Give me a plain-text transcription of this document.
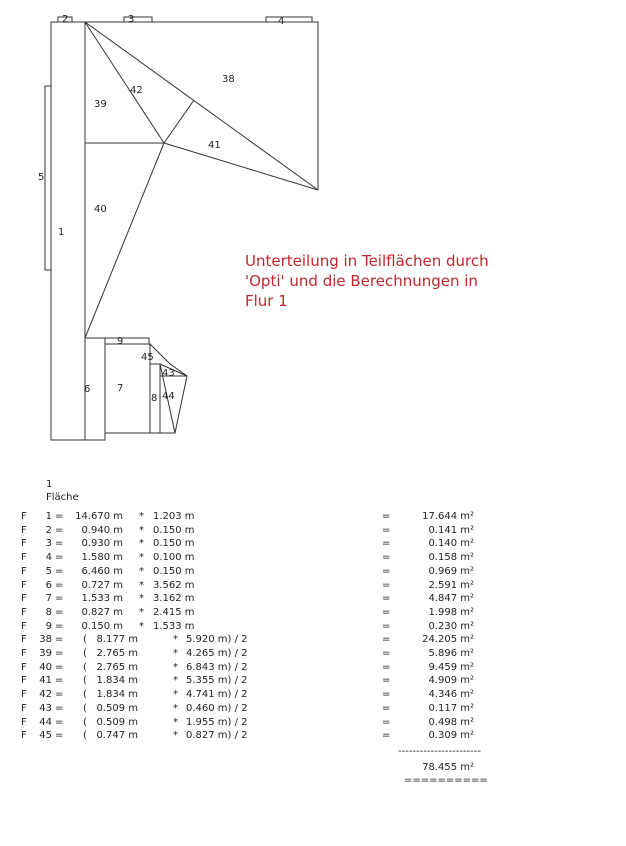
1
2	3	4
5
6	7
8
9
38
39
40
41
42
43
44
45

Unterteilung in Teilflächen durch
'Opti' und die Berechnungen in
Flur 1

1
Fläche
F	1 =	14.670 m * 1.203 m	=	17.644 m²
F	2 =	0.940 m * 0.150 m	=	0.141 m²
F	3 =	0.930 m * 0.150 m	=	0.140 m²
F	4 =	1.580 m * 0.100 m	=	0.158 m²
F	5 =	6.460 m * 0.150 m	=	0.969 m²
F	6 =	0.727 m * 3.562 m	=	2.591 m²
F	7 =	1.533 m * 3.162 m	=	4.847 m²
F	8 =	0.827 m * 2.415 m	=	1.998 m²
F	9 =	0.150 m * 1.533 m	=	0.230 m²
F	38 = (   8.177 m	* 5.920 m) / 2	=	24.205 m²
F	39 = (   2.765 m	* 4.265 m) / 2	=	5.896 m²
F	40 = (   2.765 m	* 6.843 m) / 2	=	9.459 m²
F	41 = (   1.834 m	* 5.355 m) / 2	=	4.909 m²
F	42 = (   1.834 m	* 4.741 m) / 2	=	4.346 m²
F	43 = (   0.509 m	* 0.460 m) / 2	=	0.117 m²
F	44 = (   0.509 m	* 1.955 m) / 2	=	0.498 m²
F	45 = (   0.747 m	* 0.827 m) / 2	=	0.309 m²
-----------------------
78.455 m²
==========
